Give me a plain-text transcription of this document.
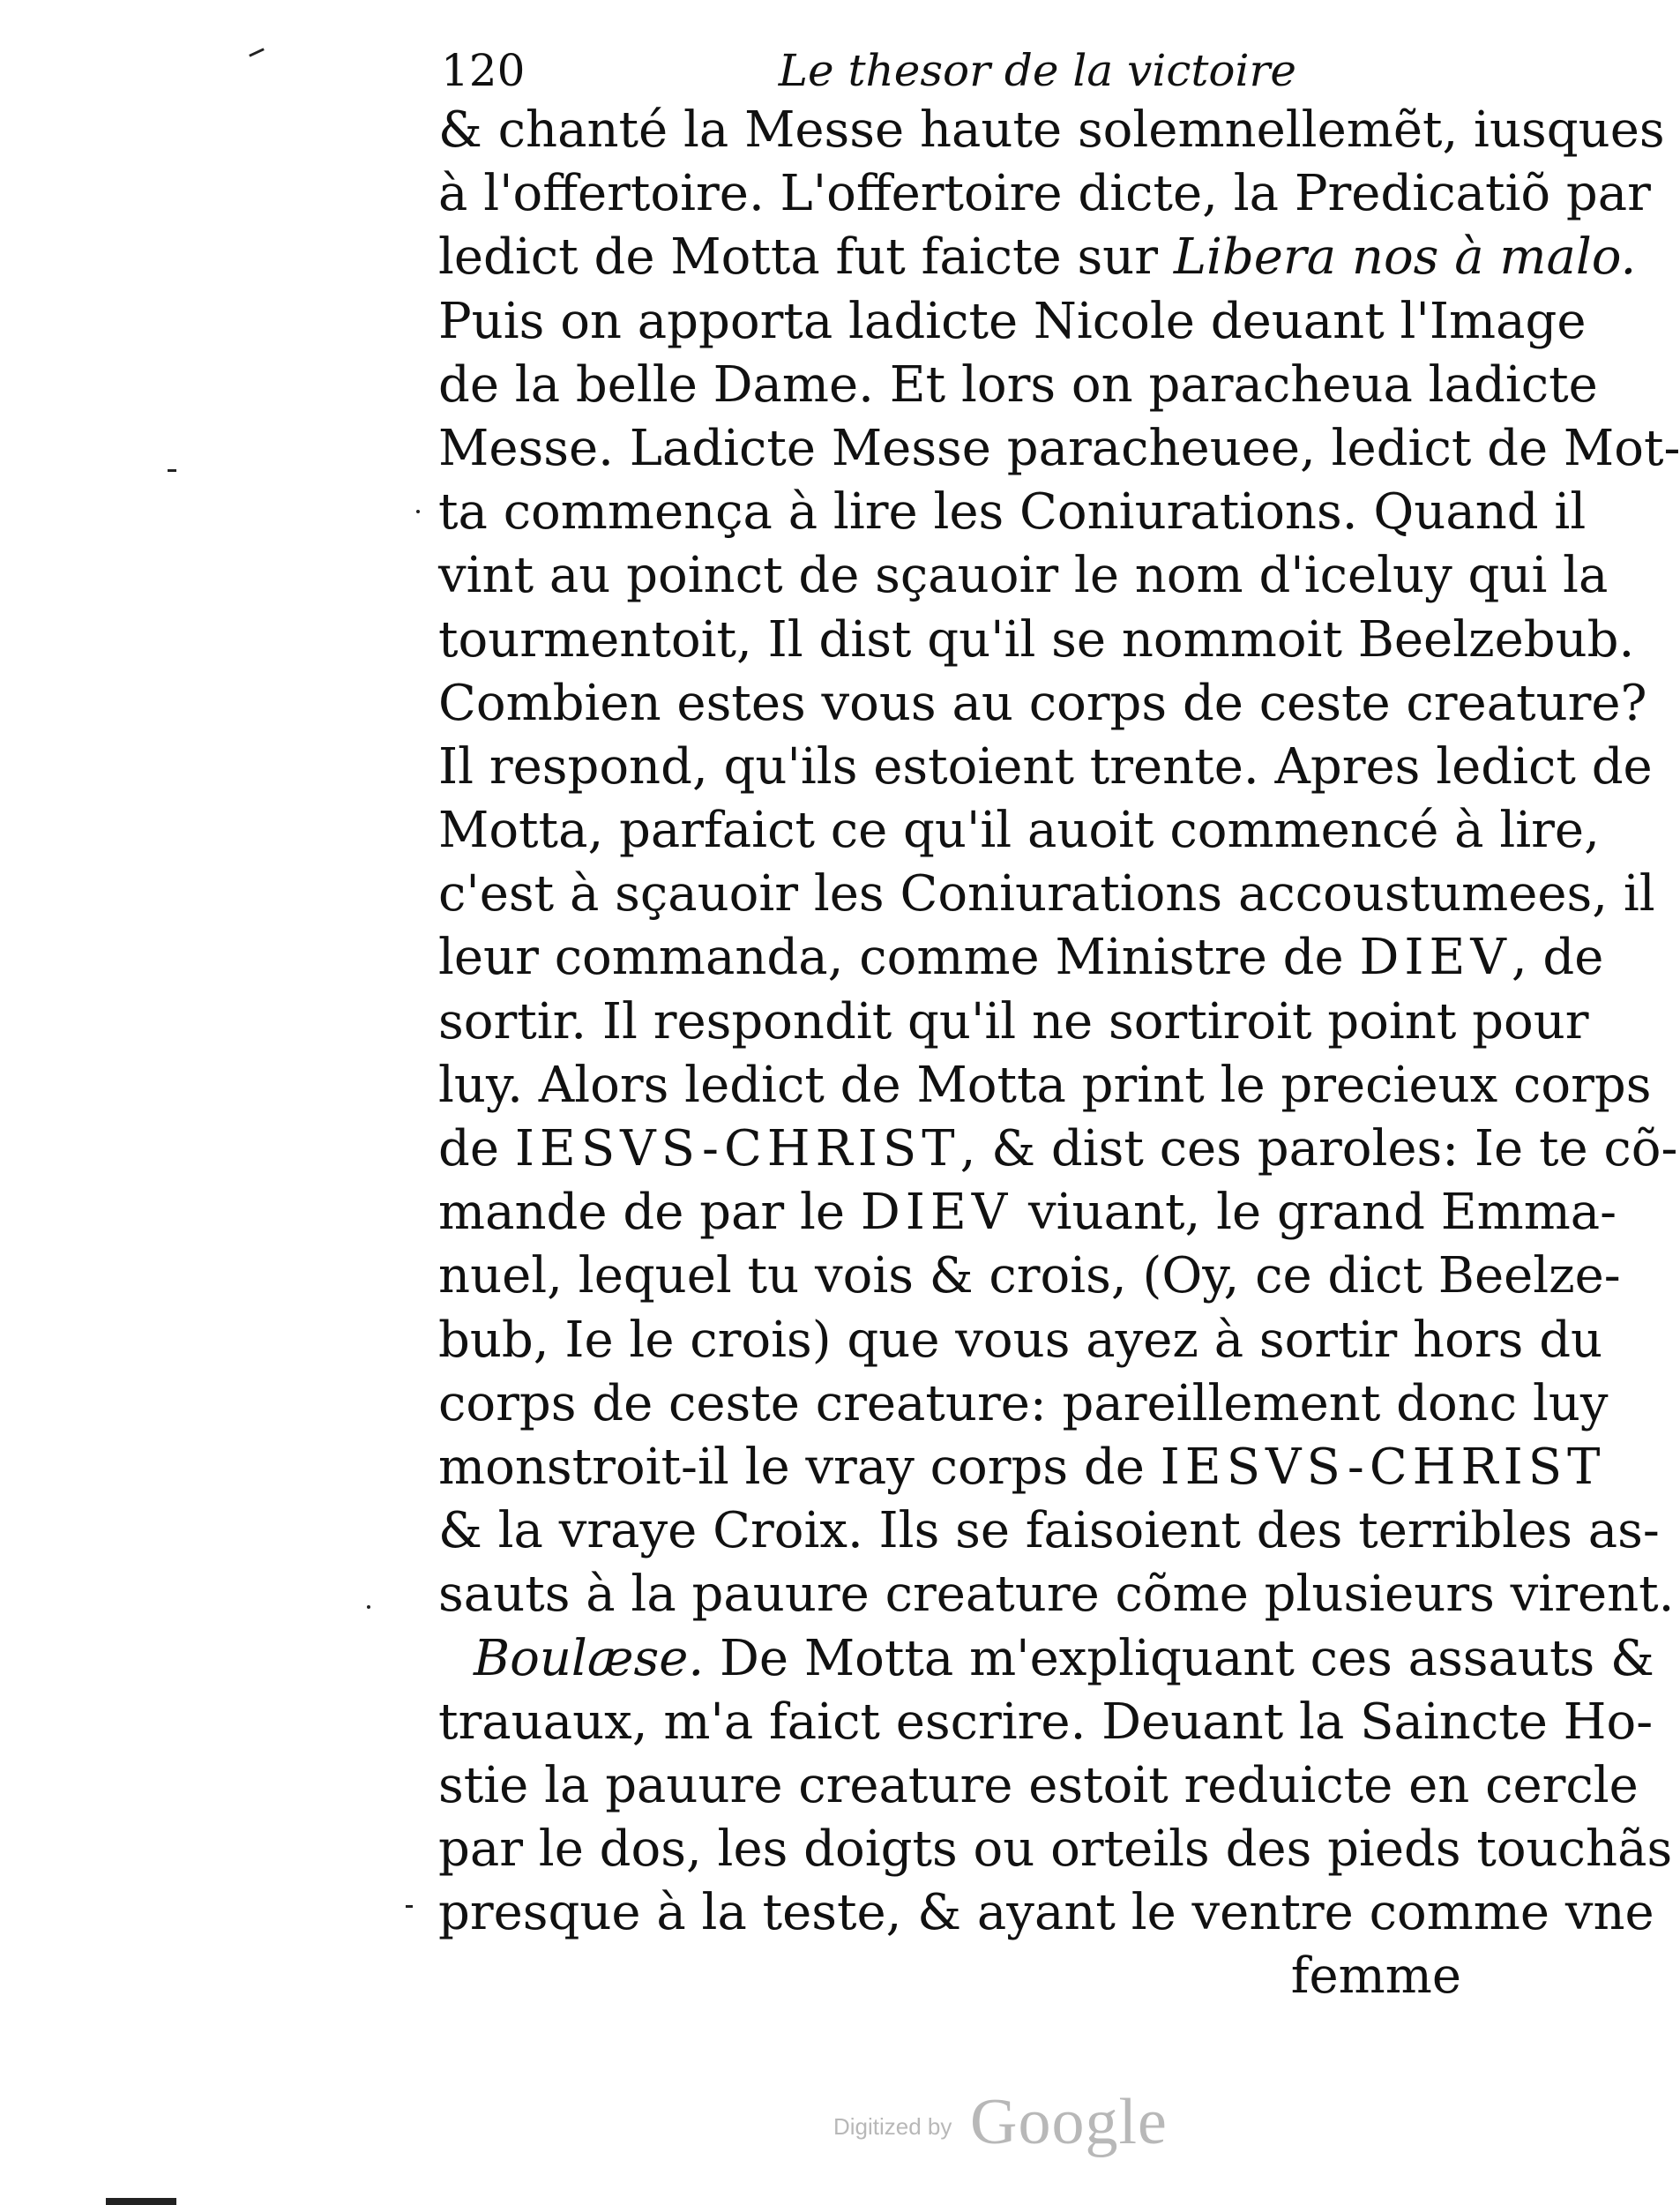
120	Le thesor de la victoire
& chanté la Messe haute solemnellemẽt, iusques
à l'offertoire. L'offertoire dicte, la Predicatiõ par
ledict de Motta fut faicte sur Libera nos à malo.
Puis on apporta ladicte Nicole deuant l'Image
de la belle Dame. Et lors on paracheua ladicte
Messe. Ladicte Messe paracheuee, ledict de Mot-
ta commença à lire les Coniurations. Quand il
vint au poinct de sçauoir le nom d'iceluy qui la
tourmentoit, Il dist qu'il se nommoit Beelzebub.
Combien estes vous au corps de ceste creature?
Il respond, qu'ils estoient trente. Apres ledict de
Motta, parfaict ce qu'il auoit commencé à lire,
c'est à sçauoir les Coniurations accoustumees, il
leur commanda, comme Ministre de DIEV, de
sortir. Il respondit qu'il ne sortiroit point pour
luy. Alors ledict de Motta print le precieux corps
de IESVS-CHRIST, & dist ces paroles: Ie te cõ-
mande de par le DIEV viuant, le grand Emma-
nuel, lequel tu vois & crois, (Oy, ce dict Beelze-
bub, Ie le crois) que vous ayez à sortir hors du
corps de ceste creature: pareillement donc luy
monstroit-il le vray corps de IESVS-CHRIST
& la vraye Croix. Ils se faisoient des terribles as-
sauts à la pauure creature cõme plusieurs virent.
Boulæse. De Motta m'expliquant ces assauts &
trauaux, m'a faict escrire. Deuant la Saincte Ho-
stie la pauure creature estoit reduicte en cercle
par le dos, les doigts ou orteils des pieds touchãs
presque à la teste, & ayant le ventre comme vne
femme
Digitized by Google
